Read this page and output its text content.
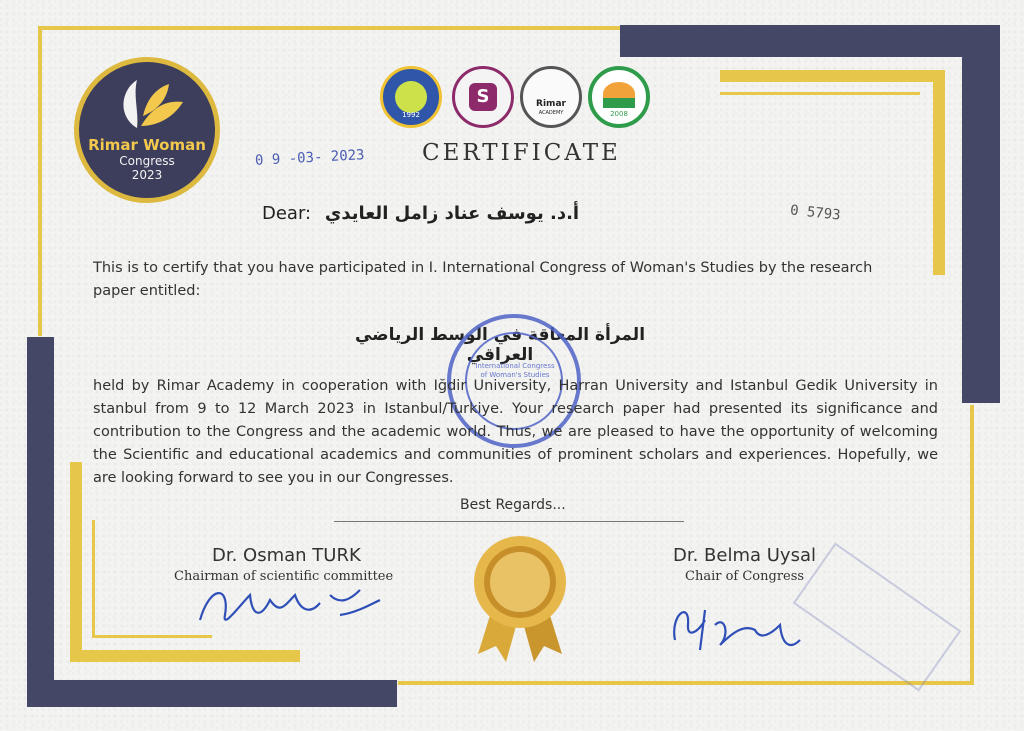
Rimar Woman
Congress
2023
1992
S	Rimar
ACADEMY	2008
CERTIFICATE
0 9 -03- 2023
0 5793
Dear: أ.د. يوسف عناد زامل العايدي
This is to certify that you have participated in I. International Congress of Woman's Studies by the research
paper entitled:
المرأة المعاقة في الوسط الرياضي العراقي
International Congress of Woman's Studies
held by Rimar Academy in cooperation with Iğdir University, Harran University and Istanbul Gedik University in stanbul from 9 to 12 March 2023 in Istanbul/Turkiye. Your research paper had presented its significance and contribution to the Congress and the academic world. Thus, we are pleased to have the opportunity of welcoming the Scientific and educational academics and communities of prominent scholars and experiences. Hopefully, we are looking forward to see you in our Congresses.
Best Regards...
Dr. Osman TURK
Chairman of scientific committee
Dr. Belma Uysal
Chair of Congress
